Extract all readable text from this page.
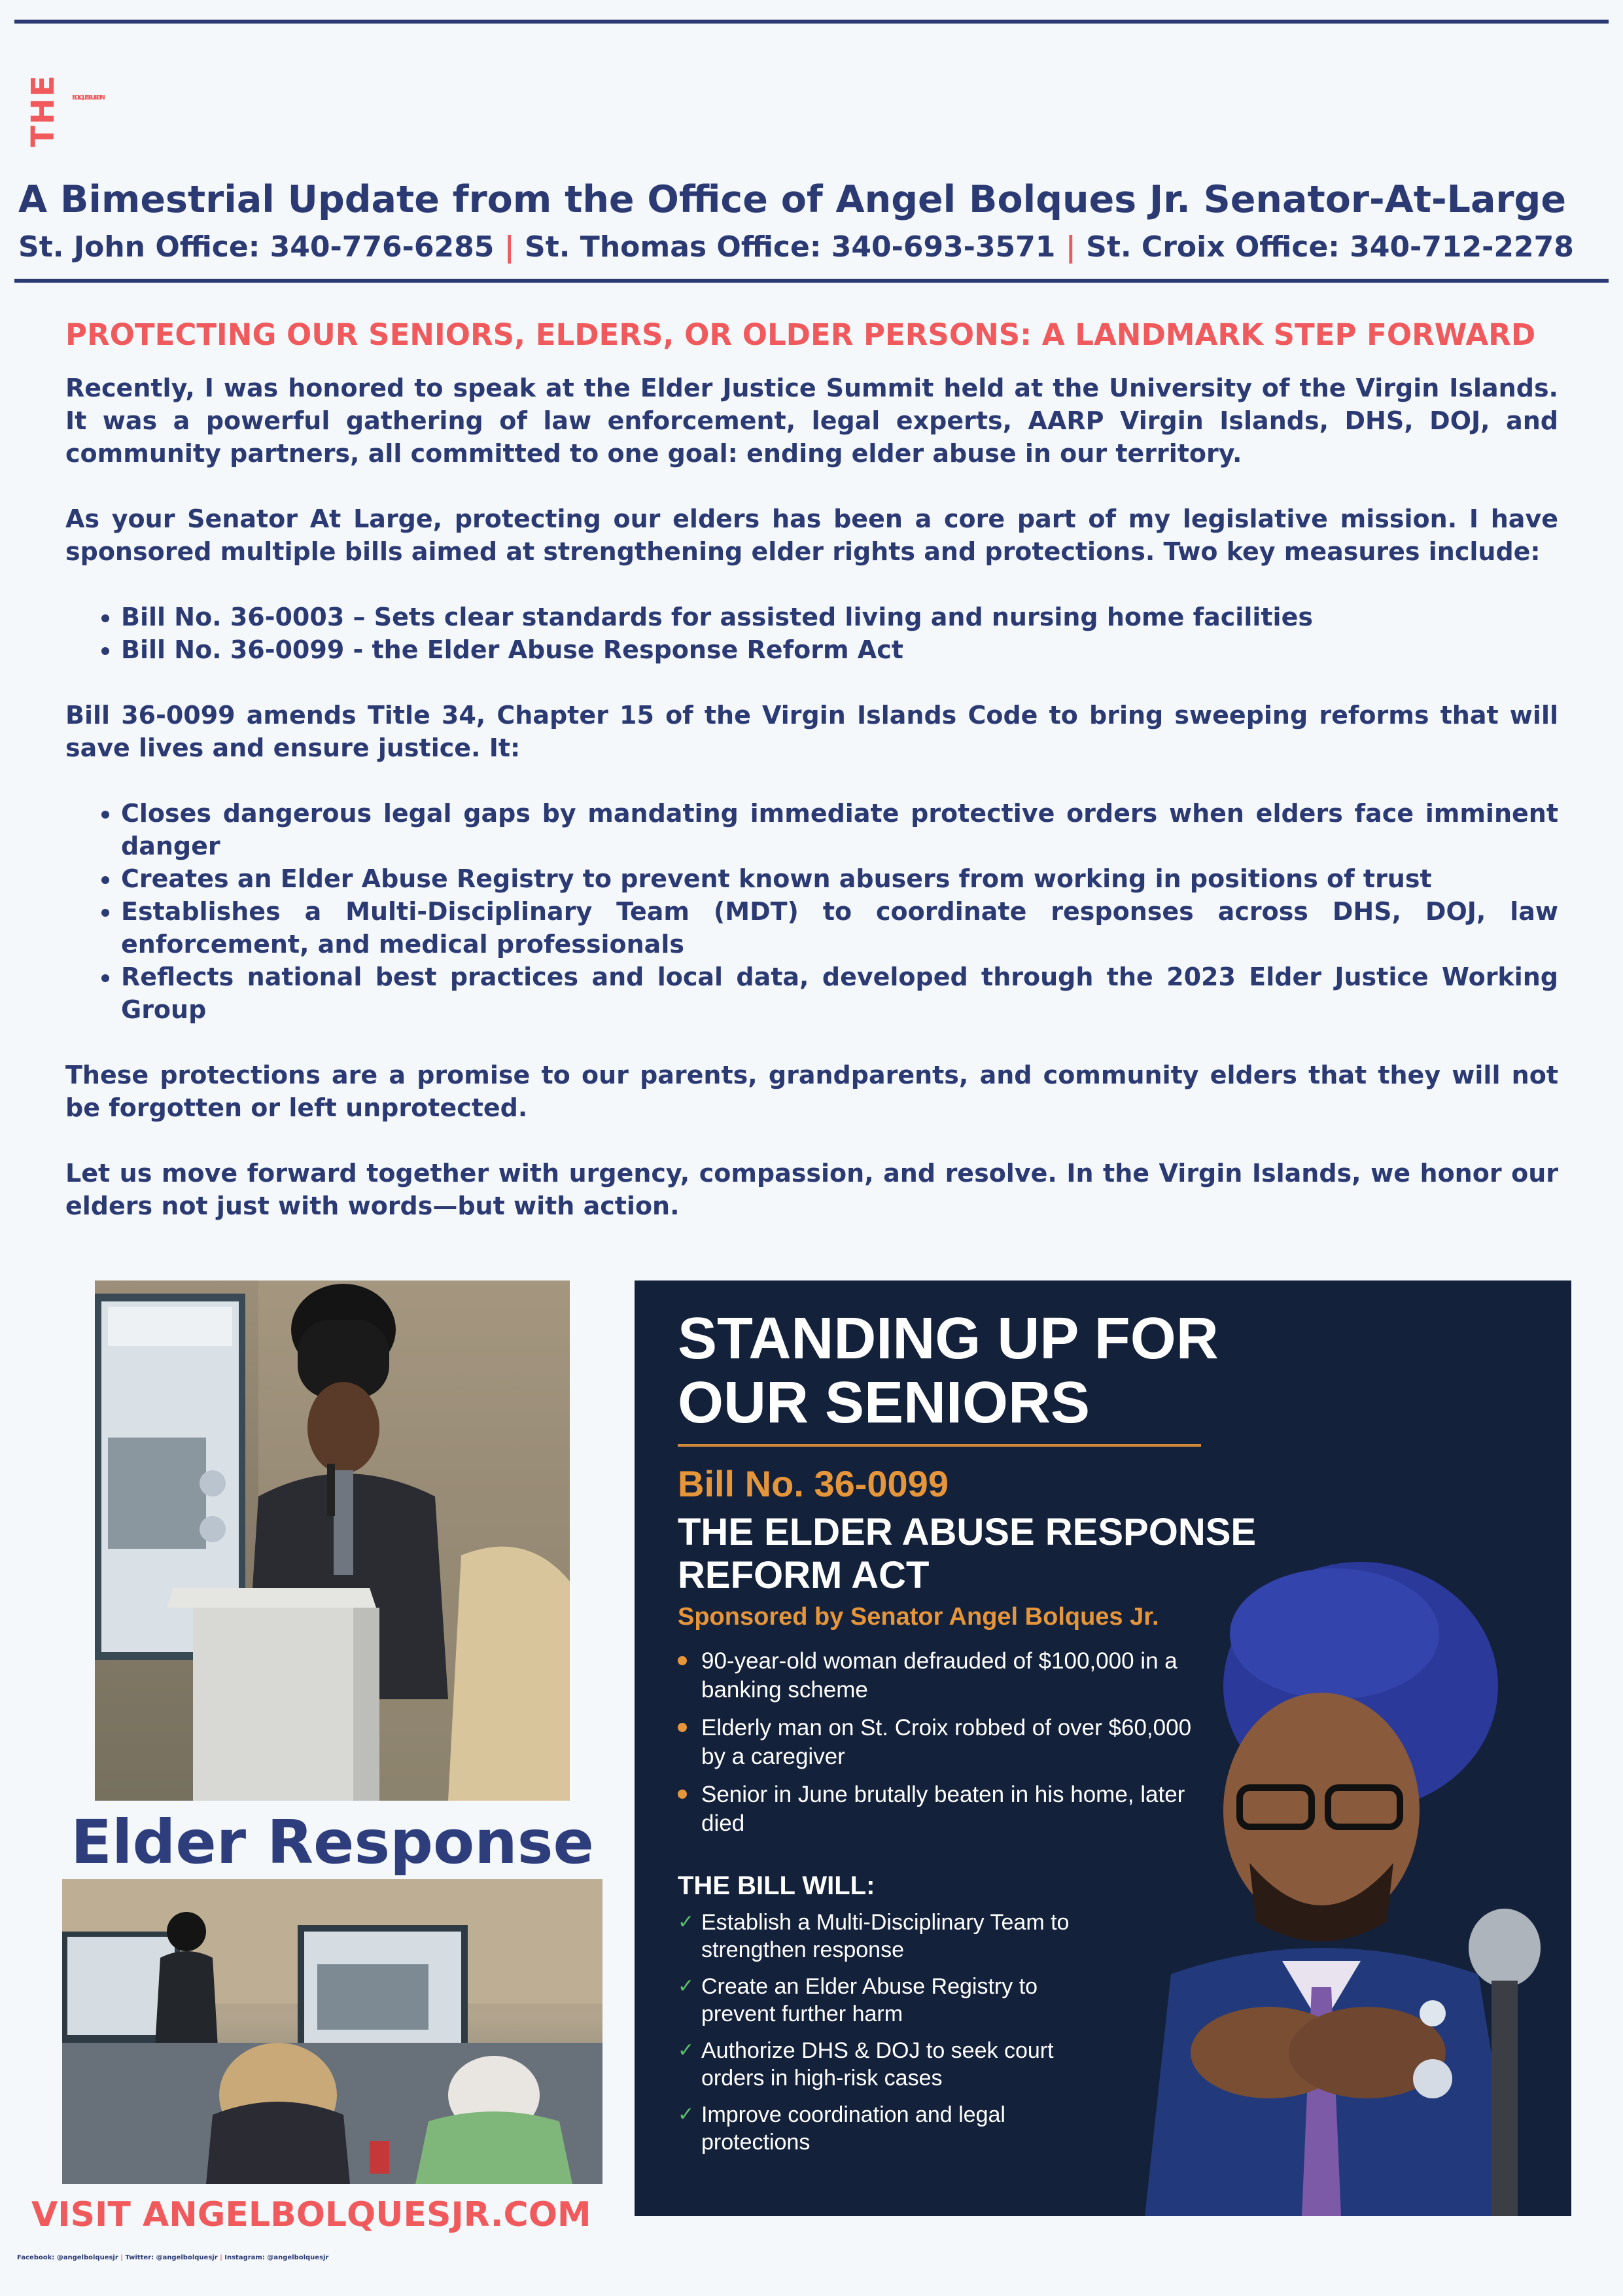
THE BOLQUES BULLETIN
A Bimestrial Update from the Office of Angel Bolques Jr. Senator-At-Large
St. John Office: 340-776-6285 | St. Thomas Office: 340-693-3571 | St. Croix Office: 340-712-2278
PROTECTING OUR SENIORS, ELDERS, OR OLDER PERSONS: A LANDMARK STEP FORWARD

Recently, I was honored to speak at the Elder Justice Summit held at the University of the Virgin Islands. It was a powerful gathering of law enforcement, legal experts, AARP Virgin Islands, DHS, DOJ, and community partners, all committed to one goal: ending elder abuse in our territory.

As your Senator At Large, protecting our elders has been a core part of my legislative mission. I have sponsored multiple bills aimed at strengthening elder rights and protections. Two key measures include:

• Bill No. 36-0003 – Sets clear standards for assisted living and nursing home facilities
• Bill No. 36-0099 - the Elder Abuse Response Reform Act

Bill 36-0099 amends Title 34, Chapter 15 of the Virgin Islands Code to bring sweeping reforms that will save lives and ensure justice. It:

• Closes dangerous legal gaps by mandating immediate protective orders when elders face imminent danger
• Creates an Elder Abuse Registry to prevent known abusers from working in positions of trust
• Establishes a Multi-Disciplinary Team (MDT) to coordinate responses across DHS, DOJ, law enforcement, and medical professionals
• Reflects national best practices and local data, developed through the 2023 Elder Justice Working Group

These protections are a promise to our parents, grandparents, and community elders that they will not be forgotten or left unprotected.

Let us move forward together with urgency, compassion, and resolve. In the Virgin Islands, we honor our elders not just with words—but with action.

Elder Response
STANDING UP FOR
OUR SENIORS
Bill No. 36-0099
THE ELDER ABUSE RESPONSE
REFORM ACT
Sponsored by Senator Angel Bolques Jr.
90-year-old woman defrauded of $100,000 in a banking scheme
Elderly man on St. Croix robbed of over $60,000 by a caregiver
Senior in June brutally beaten in his home, later died
THE BILL WILL:
✓ Establish a Multi-Disciplinary Team to strengthen response
✓ Create an Elder Abuse Registry to prevent further harm
✓ Authorize DHS & DOJ to seek court orders in high-risk cases
✓ Improve coordination and legal protections
VISIT ANGELBOLQUESJR.COM
Facebook: @angelbolquesjr | Twitter: @angelbolquesjr | Instagram: @angelbolquesjr
